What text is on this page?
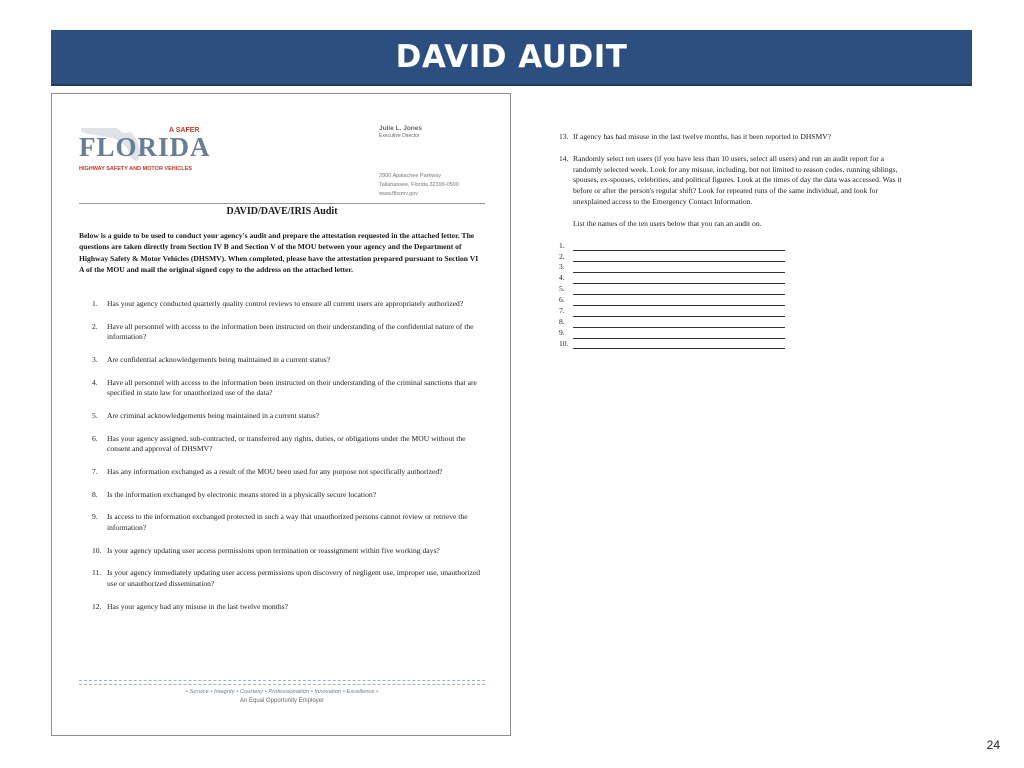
DAVID AUDIT
A SAFER
FLORIDA
HIGHWAY SAFETY AND MOTOR VEHICLES
Julie L. Jones
Executive Director
2900 Apalachee Parkway
Tallahassee, Florida 32399-0500
www.flhsmv.gov
DAVID/DAVE/IRIS Audit
Below is a guide to be used to conduct your agency's audit and prepare the attestation requested in the attached letter. The questions are taken directly from Section IV B and Section V of the MOU between your agency and the Department of Highway Safety & Motor Vehicles (DHSMV). When completed, please have the attestation prepared pursuant to Section VI A of the MOU and mail the original signed copy to the address on the attached letter.
1.	Has your agency conducted quarterly quality control reviews to ensure all current users are appropriately authorized?
2.	Have all personnel with access to the information been instructed on their understanding of the confidential nature of the information?
3.	Are confidential acknowledgements being maintained in a current status?
4.	Have all personnel with access to the information been instructed on their understanding of the criminal sanctions that are specified in state law for unauthorized use of the data?
5.	Are criminal acknowledgements being maintained in a current status?
6.	Has your agency assigned, sub-contracted, or transferred any rights, duties, or obligations under the MOU without the consent and approval of DHSMV?
7.	Has any information exchanged as a result of the MOU been used for any purpose not specifically authorized?
8.	Is the information exchanged by electronic means stored in a physically secure location?
9.	Is access to the information exchanged protected in such a way that unauthorized persons cannot review or retrieve the information?
10. Is your agency updating user access permissions upon termination or reassignment within five working days?
11. Is your agency immediately updating user access permissions upon discovery of negligent use, improper use, unauthorized use or unauthorized dissemination?
12. Has your agency had any misuse in the last twelve months?
• Service • Integrity • Courtesy • Professionalism • Innovation • Excellence •
An Equal Opportunity Employer
13. If agency has had misuse in the last twelve months, has it been reported to DHSMV?
14. Randomly select ten users (if you have less than 10 users, select all users) and run an audit report for a randomly selected week. Look for any misuse, including, but not limited to reason codes, running siblings, spouses, ex-spouses, celebrities, and political figures. Look at the times of day the data was accessed. Was it before or after the person's regular shift? Look for repeated runs of the same individual, and look for unexplained access to the Emergency Contact Information.

List the names of the ten users below that you ran an audit on.

1.
2.
3.
4.
5.
6.
7.
8.
9.
10.
24
